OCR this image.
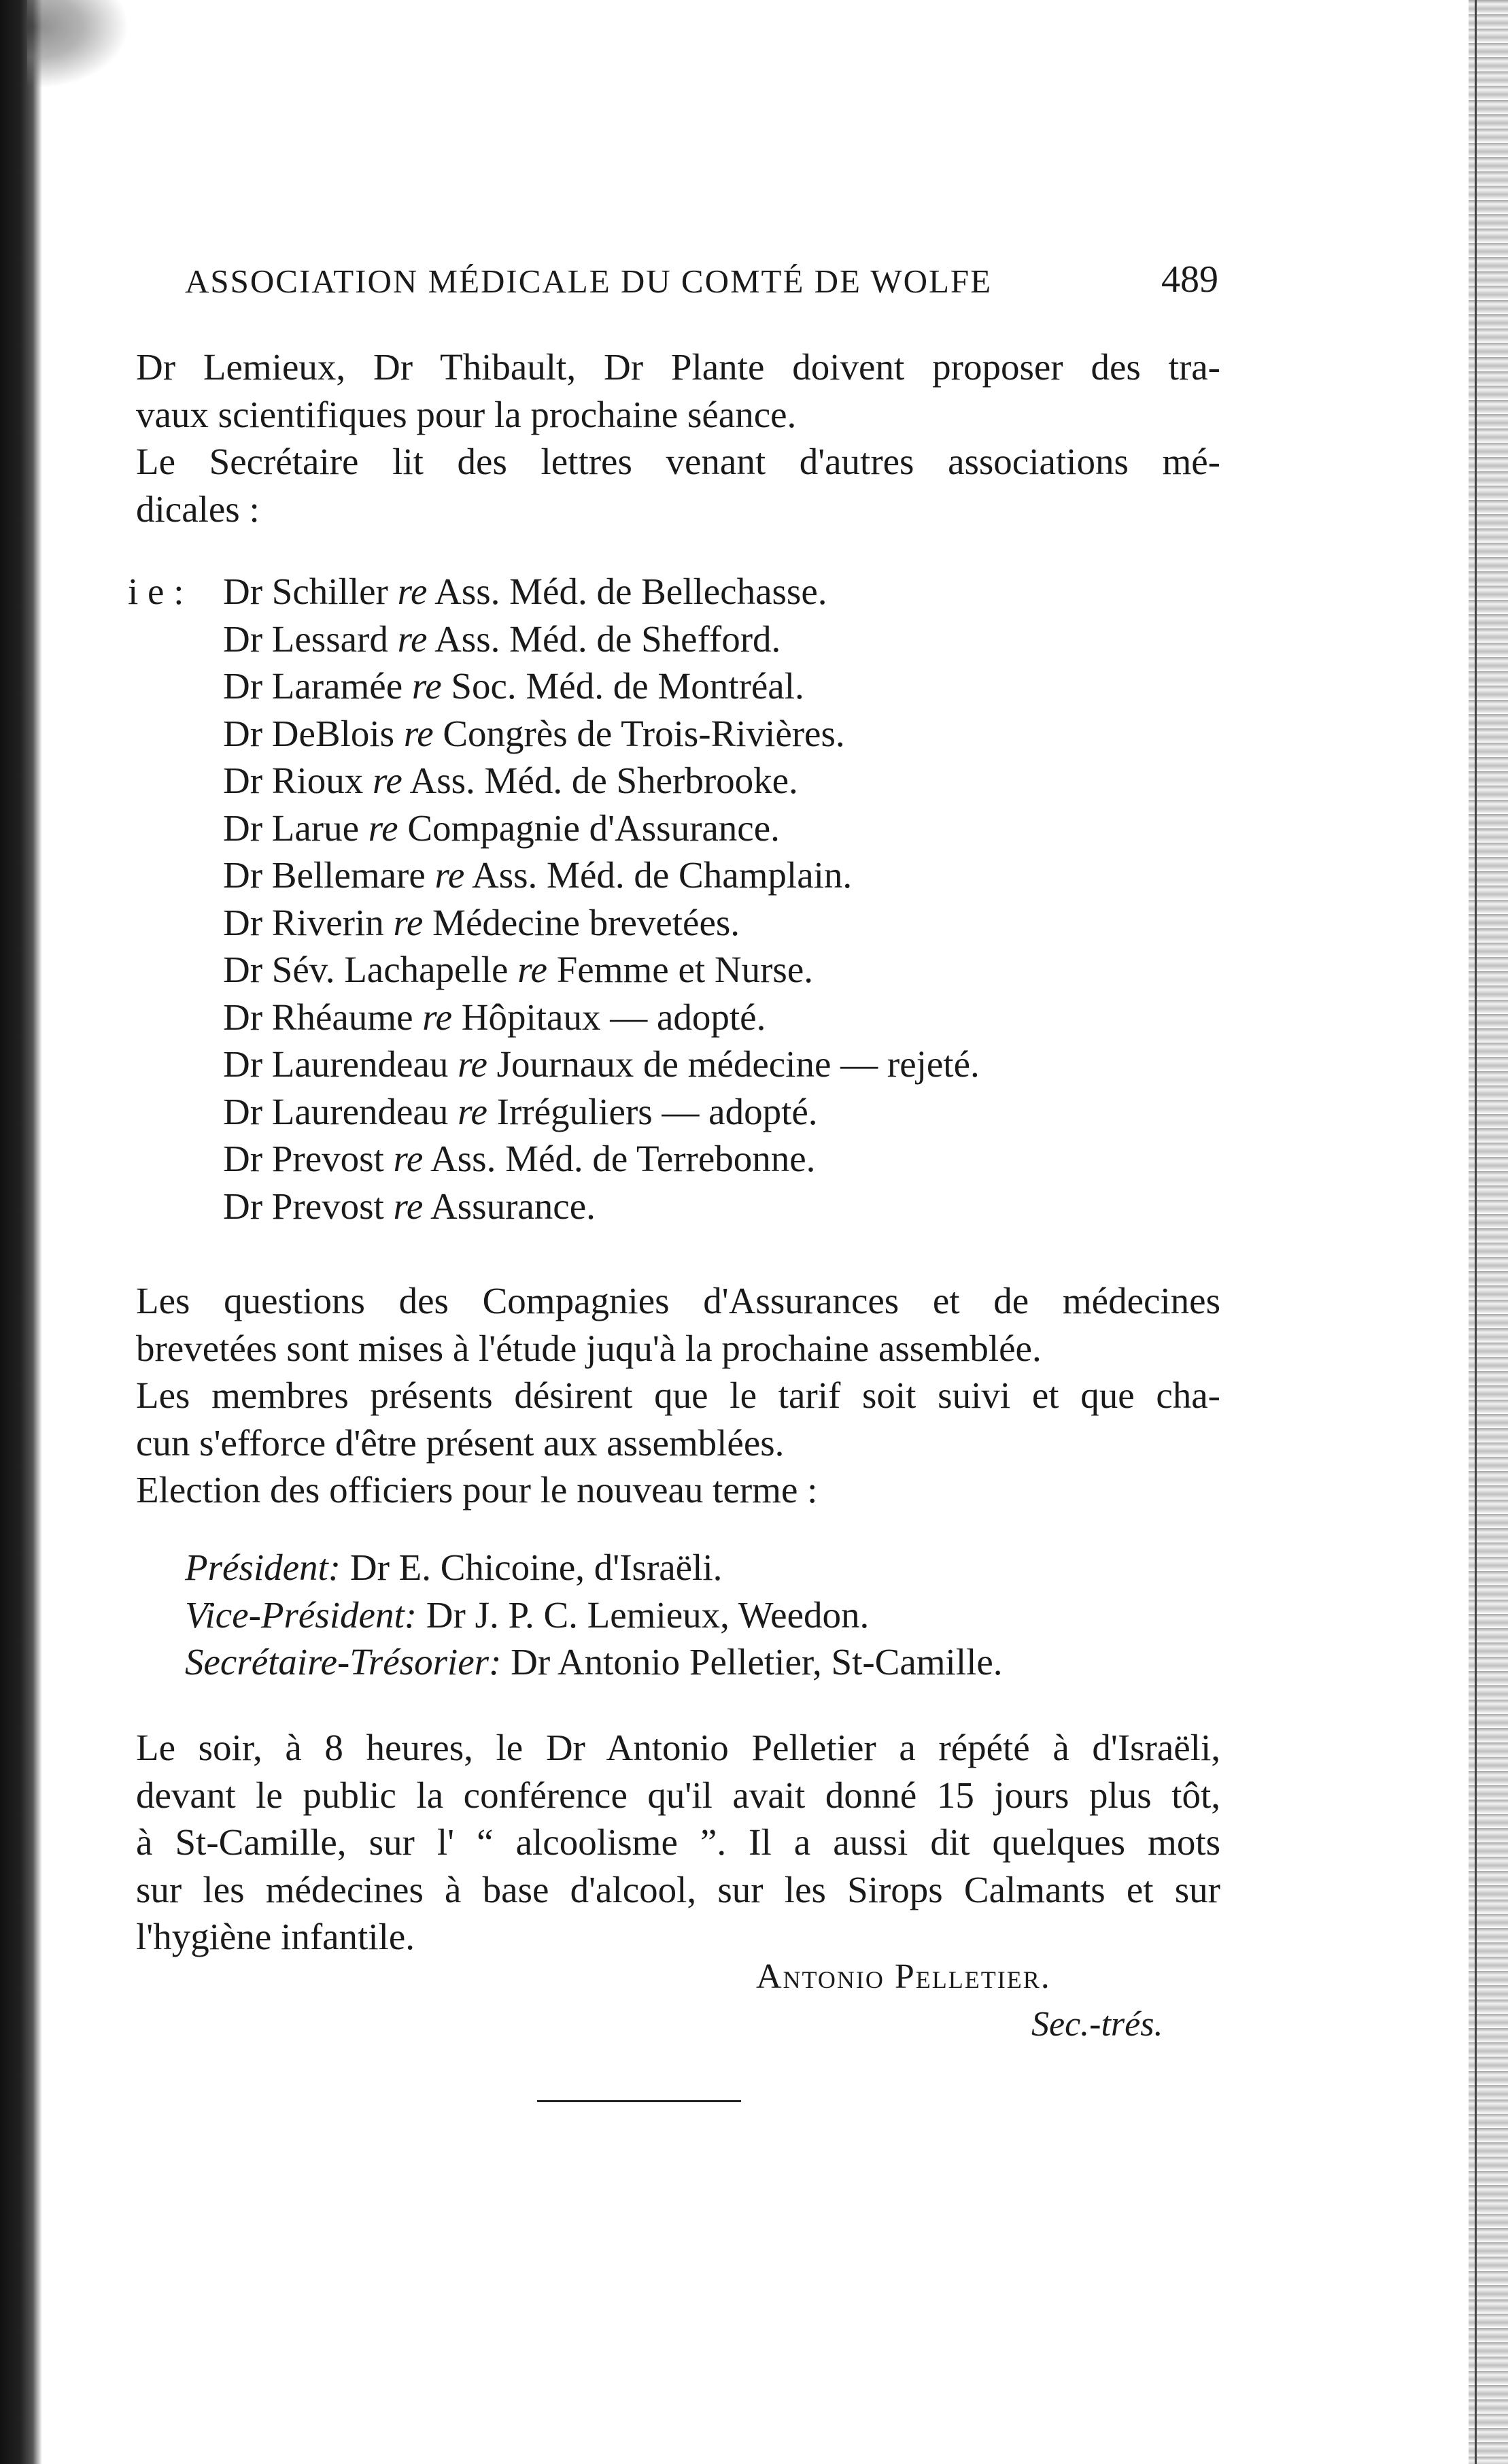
ASSOCIATION MÉDICALE DU COMTÉ DE WOLFE	489
Dr Lemieux, Dr Thibault, Dr Plante doivent proposer des tra-
vaux scientifiques pour la prochaine séance.
Le Secrétaire lit des lettres venant d'autres associations mé-
dicales :
i e : Dr Schiller re Ass. Méd. de Bellechasse.
Dr Lessard re Ass. Méd. de Shefford.
Dr Laramée re Soc. Méd. de Montréal.
Dr DeBlois re Congrès de Trois-Rivières.
Dr Rioux re Ass. Méd. de Sherbrooke.
Dr Larue re Compagnie d'Assurance.
Dr Bellemare re Ass. Méd. de Champlain.
Dr Riverin re Médecine brevetées.
Dr Sév. Lachapelle re Femme et Nurse.
Dr Rhéaume re Hôpitaux — adopté.
Dr Laurendeau re Journaux de médecine — rejeté.
Dr Laurendeau re Irréguliers — adopté.
Dr Prevost re Ass. Méd. de Terrebonne.
Dr Prevost re Assurance.
Les questions des Compagnies d'Assurances et de médecines
brevetées sont mises à l'étude juqu'à la prochaine assemblée.
Les membres présents désirent que le tarif soit suivi et que cha-
cun s'efforce d'être présent aux assemblées.
Election des officiers pour le nouveau terme :
Président: Dr E. Chicoine, d'Israëli.
Vice-Président: Dr J. P. C. Lemieux, Weedon.
Secrétaire-Trésorier: Dr Antonio Pelletier, St-Camille.
Le soir, à 8 heures, le Dr Antonio Pelletier a répété à d'Israëli,
devant le public la conférence qu'il avait donné 15 jours plus tôt,
à St-Camille, sur l' “ alcoolisme ”. Il a aussi dit quelques mots
sur les médecines à base d'alcool, sur les Sirops Calmants et sur
l'hygiène infantile.
Antonio Pelletier.
Sec.-trés.
